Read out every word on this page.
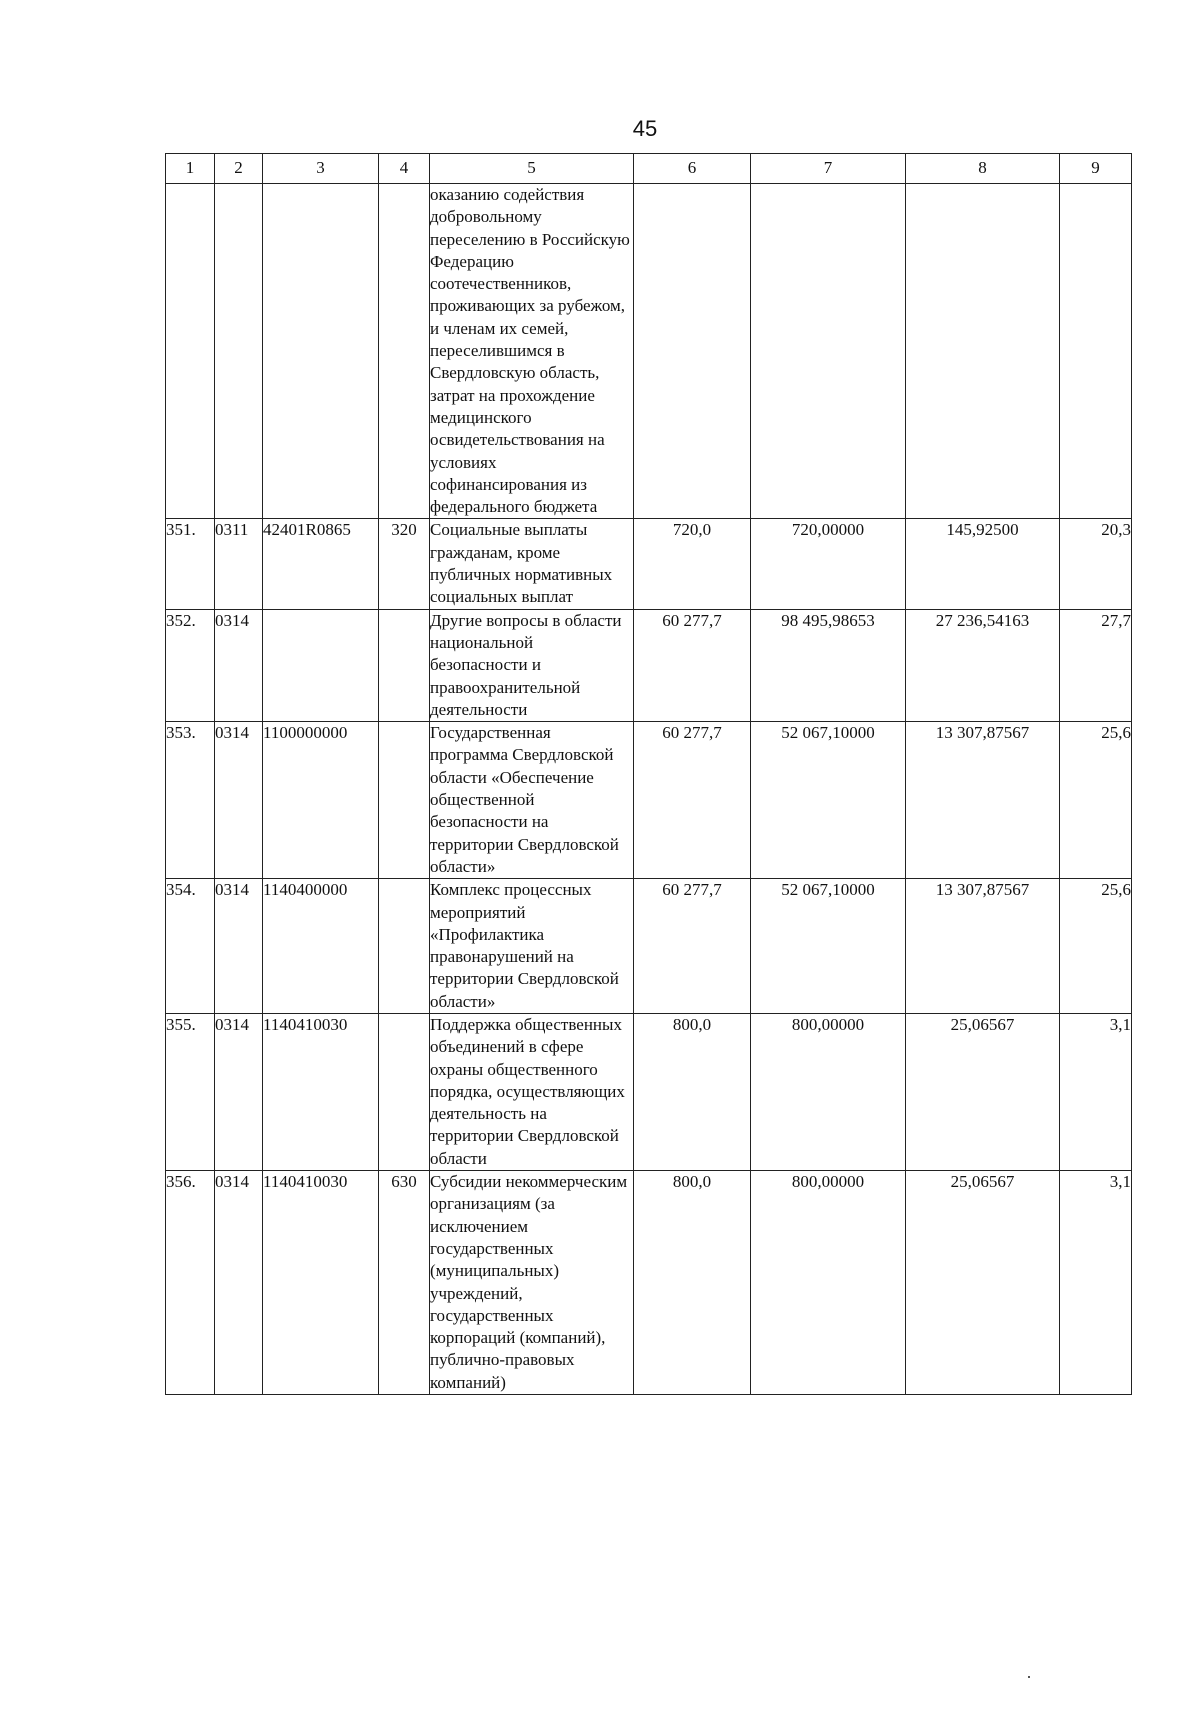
45
1	2	3	4	5	6	7	8	9
				оказанию содействия добровольному переселению в Российскую Федерацию соотечественников, проживающих за рубежом, и членам их семей, переселившимся в Свердловскую область, затрат на прохождение медицинского освидетельствования на условиях софинансирования из федерального бюджета				
351.	0311	42401R0865	320	Социальные выплаты гражданам, кроме публичных нормативных социальных выплат	720,0	720,00000	145,92500	20,3
352.	0314			Другие вопросы в области национальной безопасности и правоохранительной деятельности	60 277,7	98 495,98653	27 236,54163	27,7
353.	0314	1100000000		Государственная программа Свердловской области «Обеспечение общественной безопасности на территории Свердловской области»	60 277,7	52 067,10000	13 307,87567	25,6
354.	0314	1140400000		Комплекс процессных мероприятий «Профилактика правонарушений на территории Свердловской области»	60 277,7	52 067,10000	13 307,87567	25,6
355.	0314	1140410030		Поддержка общественных объединений в сфере охраны общественного порядка, осуществляющих деятельность на территории Свердловской области	800,0	800,00000	25,06567	3,1
356.	0314	1140410030	630	Субсидии некоммерческим организациям (за исключением государственных (муниципальных) учреждений, государственных корпораций (компаний), публично-правовых компаний)	800,0	800,00000	25,06567	3,1
